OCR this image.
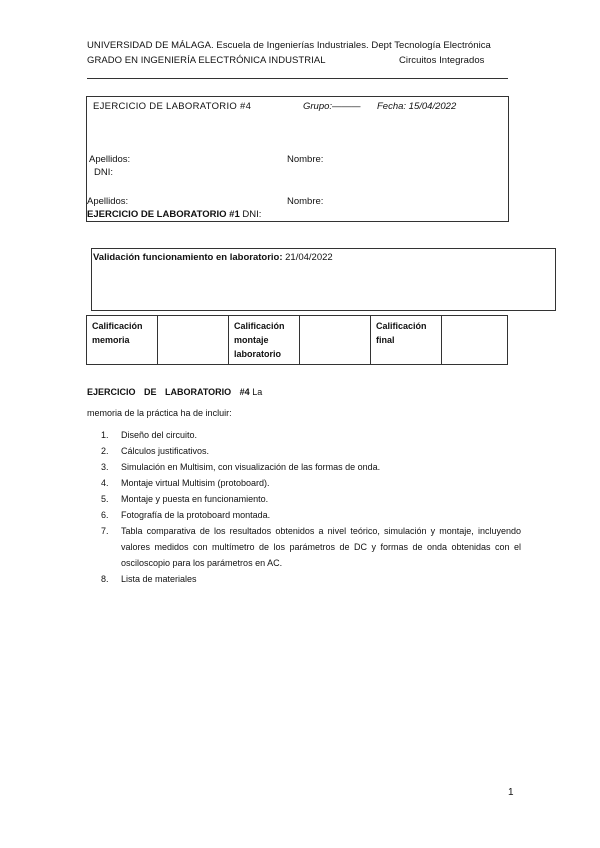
UNIVERSIDAD DE MÁLAGA. Escuela de Ingenierías Industriales. Dept Tecnología Electrónica
GRADO EN INGENIERÍA ELECTRÓNICA INDUSTRIAL	Circuitos Integrados
EJERCICIO DE LABORATORIO #4	Grupo:——— Fecha: 15/04/2022
Apellidos:	Nombre:
DNI:
Apellidos:	Nombre:
EJERCICIO DE LABORATORIO #1 DNI:
Validación funcionamiento en laboratorio: 21/04/2022
Calificación memoria		Calificación montaje laboratorio		Calificación final	
EJERCICIO DE LABORATORIO #4 La
memoria de la práctica ha de incluir:
1. Diseño del circuito.
2. Cálculos justificativos.
3. Simulación en Multisim, con visualización de las formas de onda.
4. Montaje virtual Multisim (protoboard).
5. Montaje y puesta en funcionamiento.
6. Fotografía de la protoboard montada.
7. Tabla comparativa de los resultados obtenidos a nivel teórico, simulación y montaje, incluyendo valores medidos con multímetro de los parámetros de DC y formas de onda obtenidas con el osciloscopio para los parámetros en AC.
8. Lista de materiales
1
